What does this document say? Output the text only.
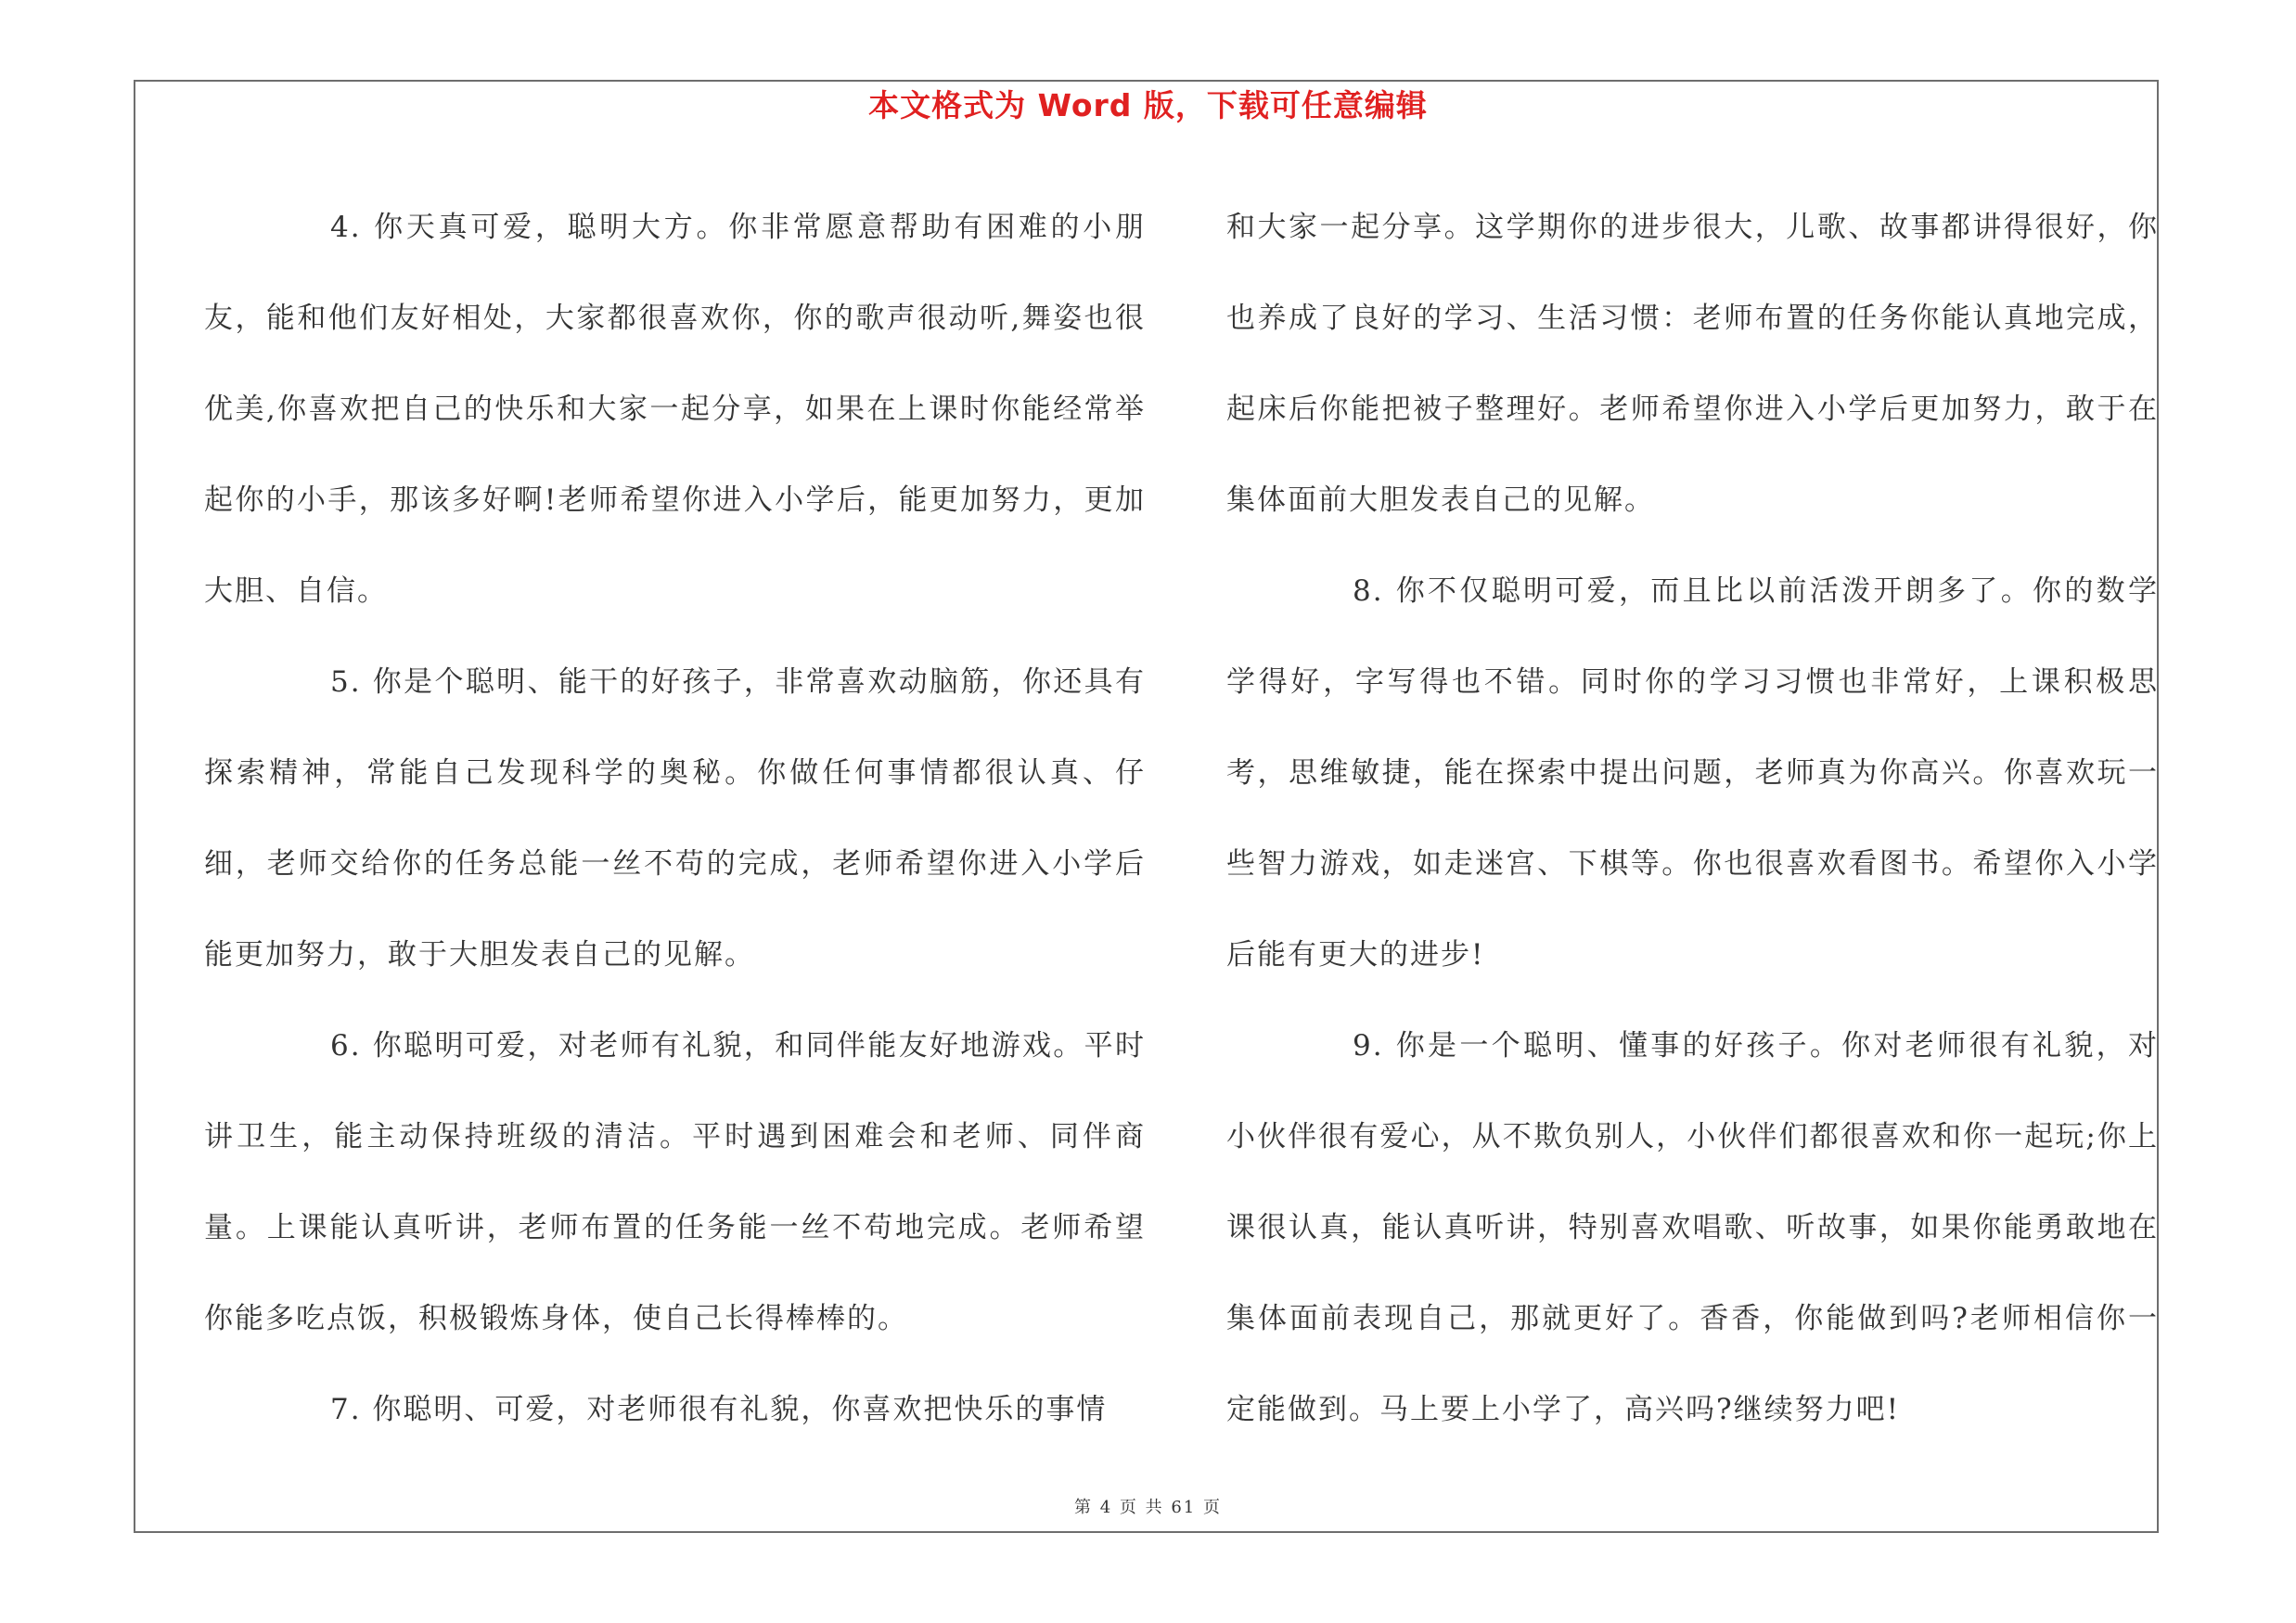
本文格式为 Word 版，下载可任意编辑

4. 你天真可爱，聪明大方。你非常愿意帮助有困难的小朋友，能和他们友好相处，大家都很喜欢你，你的歌声很动听,舞姿也很优美,你喜欢把自己的快乐和大家一起分享，如果在上课时你能经常举起你的小手，那该多好啊!老师希望你进入小学后，能更加努力，更加大胆、自信。

5. 你是个聪明、能干的好孩子，非常喜欢动脑筋，你还具有探索精神，常能自己发现科学的奥秘。你做任何事情都很认真、仔细，老师交给你的任务总能一丝不苟的完成，老师希望你进入小学后能更加努力，敢于大胆发表自己的见解。

6. 你聪明可爱，对老师有礼貌，和同伴能友好地游戏。平时讲卫生，能主动保持班级的清洁。平时遇到困难会和老师、同伴商量。上课能认真听讲，老师布置的任务能一丝不苟地完成。老师希望你能多吃点饭，积极锻炼身体，使自己长得棒棒的。

7. 你聪明、可爱，对老师很有礼貌，你喜欢把快乐的事情

和大家一起分享。这学期你的进步很大，儿歌、故事都讲得很好，你也养成了良好的学习、生活习惯：老师布置的任务你能认真地完成，起床后你能把被子整理好。老师希望你进入小学后更加努力，敢于在集体面前大胆发表自己的见解。

8. 你不仅聪明可爱，而且比以前活泼开朗多了。你的数学学得好，字写得也不错。同时你的学习习惯也非常好，上课积极思考，思维敏捷，能在探索中提出问题，老师真为你高兴。你喜欢玩一些智力游戏，如走迷宫、下棋等。你也很喜欢看图书。希望你入小学后能有更大的进步!

9. 你是一个聪明、懂事的好孩子。你对老师很有礼貌，对小伙伴很有爱心，从不欺负别人，小伙伴们都很喜欢和你一起玩;你上课很认真，能认真听讲，特别喜欢唱歌、听故事，如果你能勇敢地在集体面前表现自己，那就更好了。香香，你能做到吗?老师相信你一定能做到。马上要上小学了，高兴吗?继续努力吧!

第 4 页 共 61 页
